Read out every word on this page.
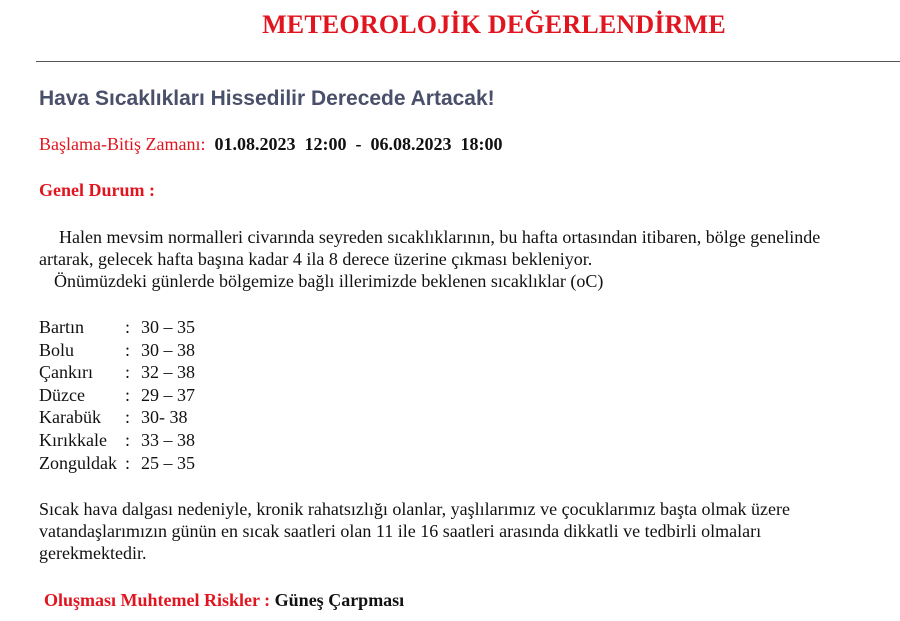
METEOROLOJİK DEĞERLENDİRME
Hava Sıcaklıkları Hissedilir Derecede Artacak!
Başlama-Bitiş Zamanı: 01.08.2023  12:00  -  06.08.2023  18:00
Genel Durum :
Halen mevsim normalleri civarında seyreden sıcaklıklarının, bu hafta ortasından itibaren, bölge genelinde
artarak, gelecek hafta başına kadar 4 ila 8 derece üzerine çıkması bekleniyor.
Önümüzdeki günlerde bölgemize bağlı illerimizde beklenen sıcaklıklar (oC)
Bartın	: 30 – 35
Bolu	: 30 – 38
Çankırı	: 32 – 38
Düzce	: 29 – 37
Karabük	: 30- 38
Kırıkkale	: 33 – 38
Zonguldak : 25 – 35
Sıcak hava dalgası nedeniyle, kronik rahatsızlığı olanlar, yaşlılarımız ve çocuklarımız başta olmak üzere
vatandaşlarımızın günün en sıcak saatleri olan 11 ile 16 saatleri arasında dikkatli ve tedbirli olmaları
gerekmektedir.
Oluşması Muhtemel Riskler : Güneş Çarpması
